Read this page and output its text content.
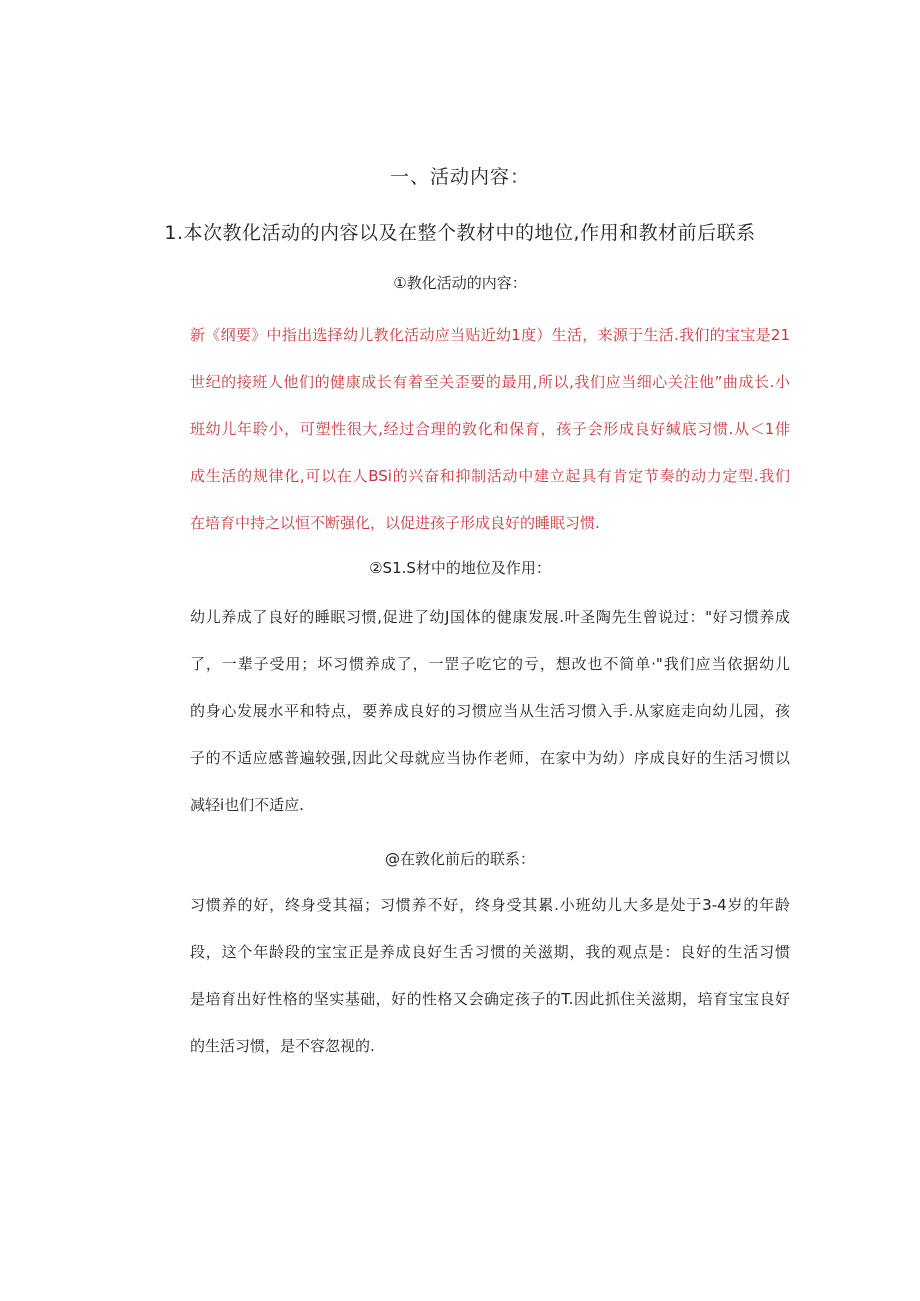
一、活动内容：
1.本次教化活动的内容以及在整个教材中的地位,作用和教材前后联系
①教化活动的内容：
新《纲要》中指出选择幼儿教化活动应当贴近幼1度）生活，来源于生活.我们的宝宝是21
世纪的接班人他们的健康成长有着至关歪要的最用,所以,我们应当细心关注他”曲成长.小
班幼儿年聆小，可塑性很大,经过合理的敦化和保育，孩子会形成良好缄底习惯.从＜1俳
成生活的规律化,可以在人BSi的兴奋和抑制活动中建立起具有肯定节奏的动力定型.我们
在培育中持之以恒不断强化，以促进孩子形成良好的睡眠习惯.
②S1.S材中的地位及作用：
幼儿养成了良好的睡眠习惯,促进了幼J国体的健康发展.叶圣陶先生曾说过："好习惯养成
了，一辈子受用；坏习惯养成了，一罡子吃它的亏，想改也不简单·"我们应当依据幼儿
的身心发展水平和特点，要养成良好的习惯应当从生活习惯入手.从家庭走向幼儿园，孩
子的不适应感普遍较强,因此父母就应当协作老师，在家中为幼）序成良好的生活习惯以
减轻i也们不适应.
@在敦化前后的联系：
习惯养的好，终身受其福；习惯养不好，终身受其累.小班幼儿大多是处于3-4岁的年龄
段，这个年龄段的宝宝正是养成良好生舌习惯的关滋期，我的观点是：良好的生活习惯
是培育出好性格的坚实基础，好的性格又会确定孩子的T.因此抓住关滋期，培育宝宝良好
的生活习惯，是不容忽视的.
